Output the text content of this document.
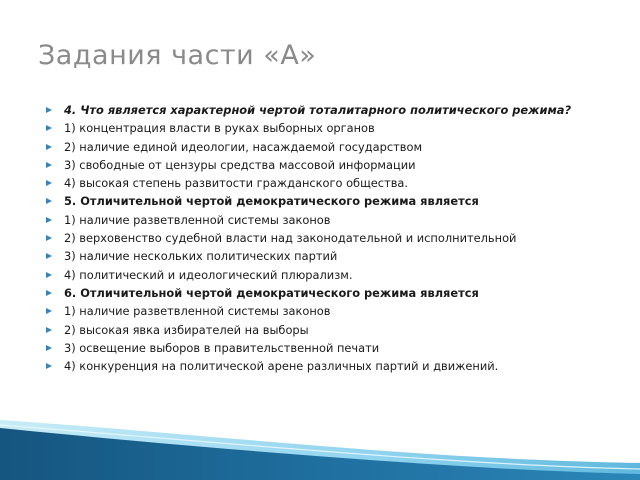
Задания части «А»
4. Что является характерной чертой тоталитарного политического режима?
1) концентрация власти в руках выборных органов
2) наличие единой идеологии, насаждаемой государством
3) свободные от цензуры средства массовой информации
4) высокая степень развитости гражданского общества.
5. Отличительной чертой демократического режима является
1) наличие разветвленной системы законов
2) верховенство судебной власти над законодательной и исполнительной
3) наличие нескольких политических партий
4) политический и идеологический плюрализм.
6. Отличительной чертой демократического режима является
1) наличие разветвленной системы законов
2) высокая явка избирателей на выборы
3) освещение выборов в правительственной печати
4) конкуренция на политической арене различных партий и движений.
